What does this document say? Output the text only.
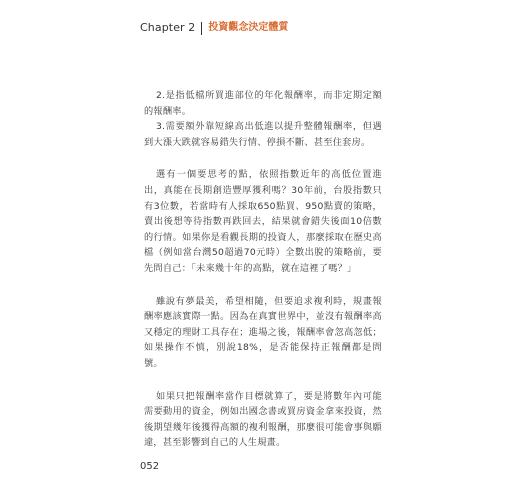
Chapter 2 投資觀念決定體質

2.是指低檔所買進部位的年化報酬率，而非定期定額的報酬率。

3.需要額外靠短線高出低進以提升整體報酬率，但遇到大漲大跌就容易錯失行情、停損不斷、甚至住套房。

選有一個要思考的點，依照指數近年的高低位置進出，真能在長期創造豐厚獲利嗎？30年前，台股指數只有3位數，若當時有人採取650點買、950點賣的策略，賣出後想等待指數再跌回去，結果就會錯失後面10倍數的行情。如果你是看觀長期的投資人，那麼採取在歷史高檔（例如當台灣50超過70元時）全數出脫的策略前，要先問自己：「未來幾十年的高點，就在這裡了嗎？」

雖說有夢最美，希望相隨，但要追求複利時，規畫報酬率應該實際一點。因為在真實世界中，並沒有報酬率高又穩定的理財工具存在；進場之後，報酬率會忽高忽低；如果操作不慎，別說18%，是否能保持正報酬都是問號。

如果只把報酬率當作目標就算了，要是將數年內可能需要動用的資金，例如出國念書或買房資金拿來投資，然後期望幾年後獲得高額的複利報酬，那麼很可能會事與願違，甚至影響到自己的人生規畫。

052
